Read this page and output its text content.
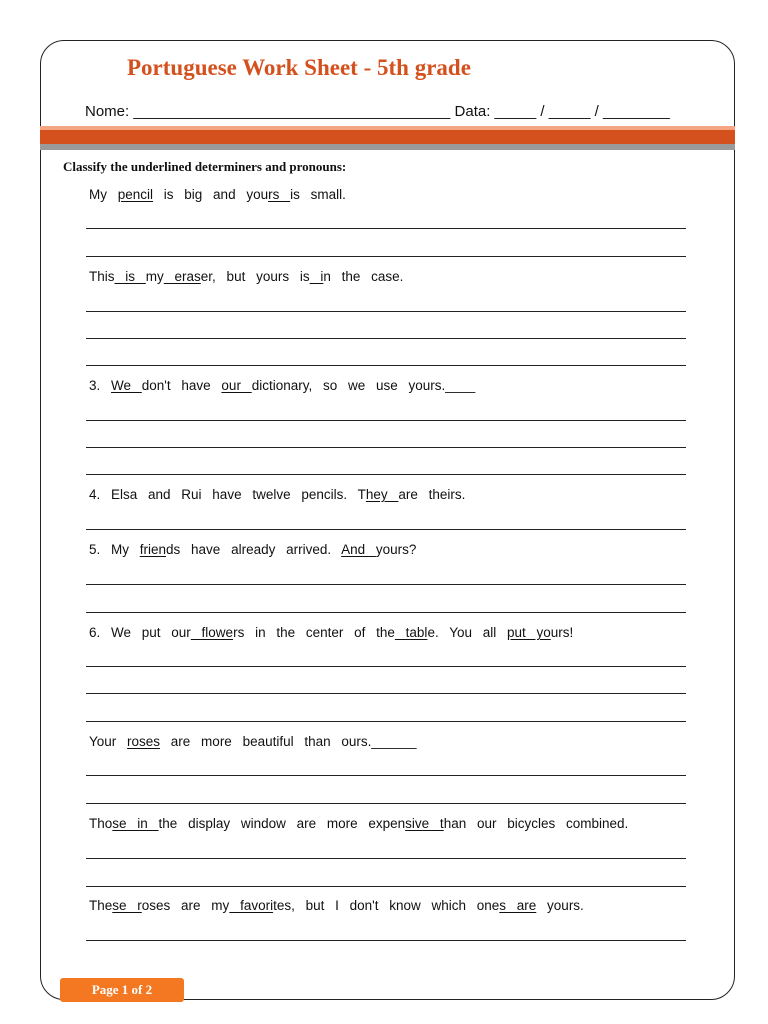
Portuguese Work Sheet - 5th grade
Nome: ______________________________________ Data: _____ / _____ / ________
Classify the underlined determiners and pronouns:
My pencil is big and yours is small.
This is my eraser, but yours is in the case.
3. We don't have our dictionary, so we use yours.____
4. Elsa and Rui have twelve pencils. They are theirs.
5. My friends have already arrived. And yours?
6. We put our flowers in the center of the table. You all put yours!
Your roses are more beautiful than ours.______
Those in the display window are more expensive than our bicycles combined.
These roses are my favorites, but I don't know which ones are yours.
Page 1 of 2
